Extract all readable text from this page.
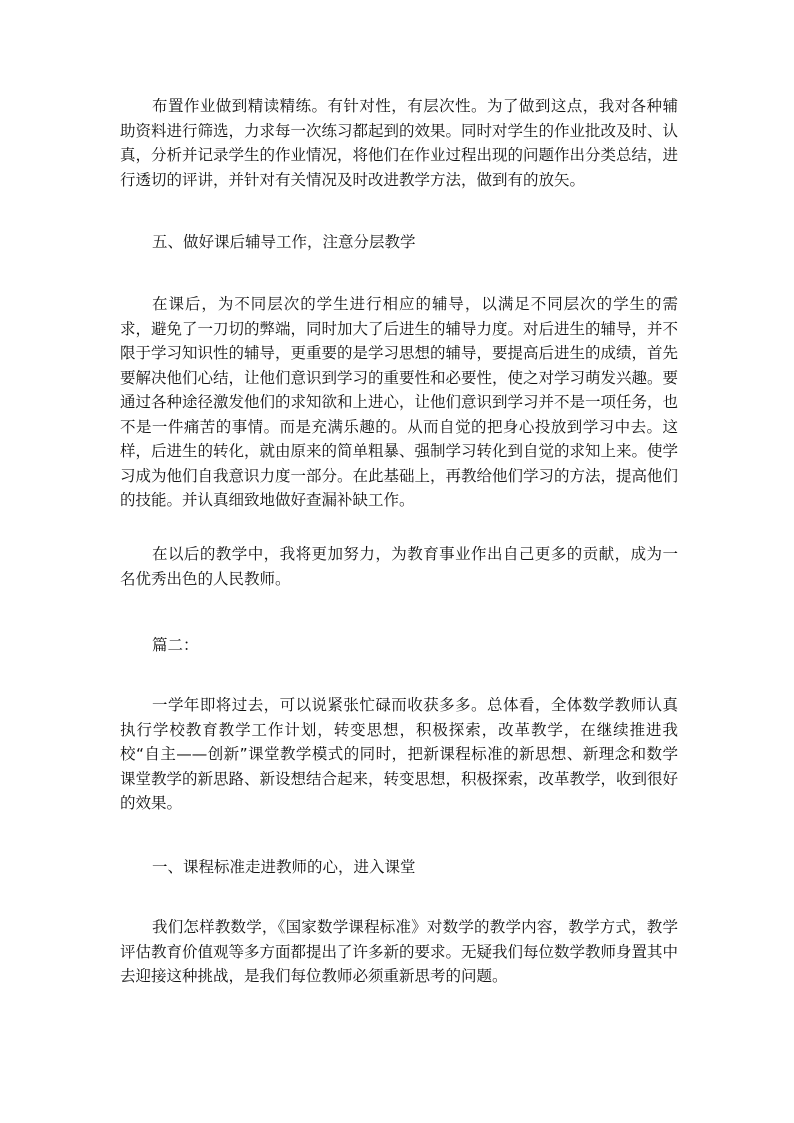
布置作业做到精读精练。有针对性，有层次性。为了做到这点，我对各种辅助资料进行筛选，力求每一次练习都起到的效果。同时对学生的作业批改及时、认真，分析并记录学生的作业情况，将他们在作业过程出现的问题作出分类总结，进行透切的评讲，并针对有关情况及时改进教学方法，做到有的放矢。

五、做好课后辅导工作，注意分层教学

在课后，为不同层次的学生进行相应的辅导，以满足不同层次的学生的需求，避免了一刀切的弊端，同时加大了后进生的辅导力度。对后进生的辅导，并不限于学习知识性的辅导，更重要的是学习思想的辅导，要提高后进生的成绩，首先要解决他们心结，让他们意识到学习的重要性和必要性，使之对学习萌发兴趣。要通过各种途径激发他们的求知欲和上进心，让他们意识到学习并不是一项任务，也不是一件痛苦的事情。而是充满乐趣的。从而自觉的把身心投放到学习中去。这样，后进生的转化，就由原来的简单粗暴、强制学习转化到自觉的求知上来。使学习成为他们自我意识力度一部分。在此基础上，再教给他们学习的方法，提高他们的技能。并认真细致地做好查漏补缺工作。

在以后的教学中，我将更加努力，为教育事业作出自己更多的贡献，成为一名优秀出色的人民教师。

篇二：

一学年即将过去，可以说紧张忙碌而收获多多。总体看，全体数学教师认真执行学校教育教学工作计划，转变思想，积极探索，改革教学，在继续推进我校“自主——创新”课堂教学模式的同时，把新课程标准的新思想、新理念和数学课堂教学的新思路、新设想结合起来，转变思想，积极探索，改革教学，收到很好的效果。

一、课程标准走进教师的心，进入课堂

我们怎样教数学，《国家数学课程标准》对数学的教学内容，教学方式，教学评估教育价值观等多方面都提出了许多新的要求。无疑我们每位数学教师身置其中去迎接这种挑战，是我们每位教师必须重新思考的问题。
